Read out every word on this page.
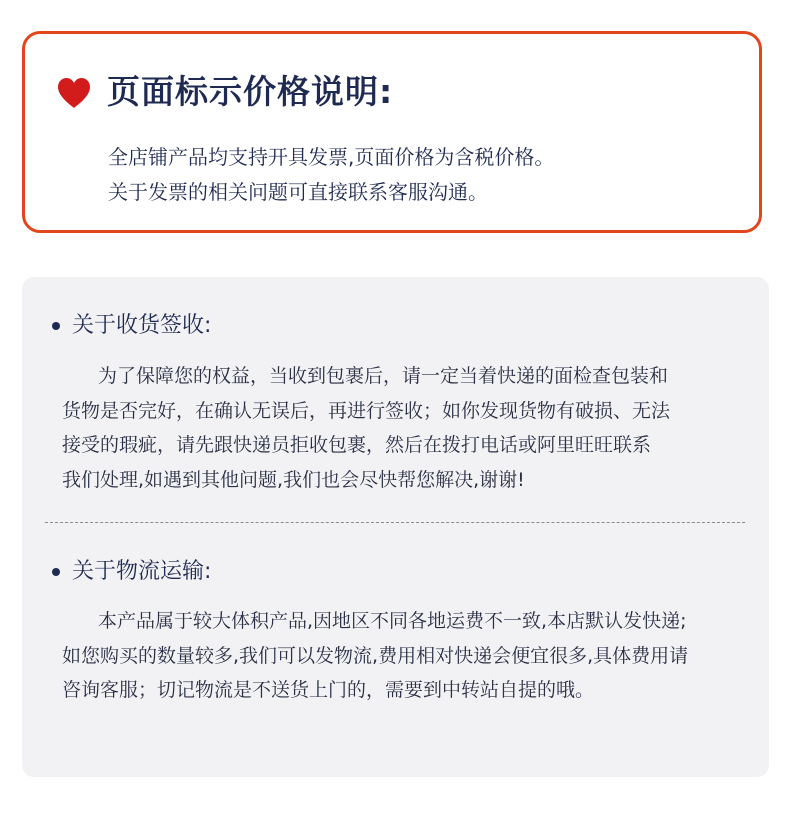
页面标示价格说明:

全店铺产品均支持开具发票,页面价格为含税价格。

关于发票的相关问题可直接联系客服沟通。

关于收货签收:

为了保障您的权益，当收到包裹后，请一定当着快递的面检查包装和

货物是否完好，在确认无误后，再进行签收；如你发现货物有破损、无法

接受的瑕疵，请先跟快递员拒收包裹，然后在拨打电话或阿里旺旺联系

我们处理,如遇到其他问题,我们也会尽快帮您解决,谢谢!

关于物流运输:

本产品属于较大体积产品,因地区不同各地运费不一致,本店默认发快递;

如您购买的数量较多,我们可以发物流,费用相对快递会便宜很多,具体费用请

咨询客服；切记物流是不送货上门的，需要到中转站自提的哦。
